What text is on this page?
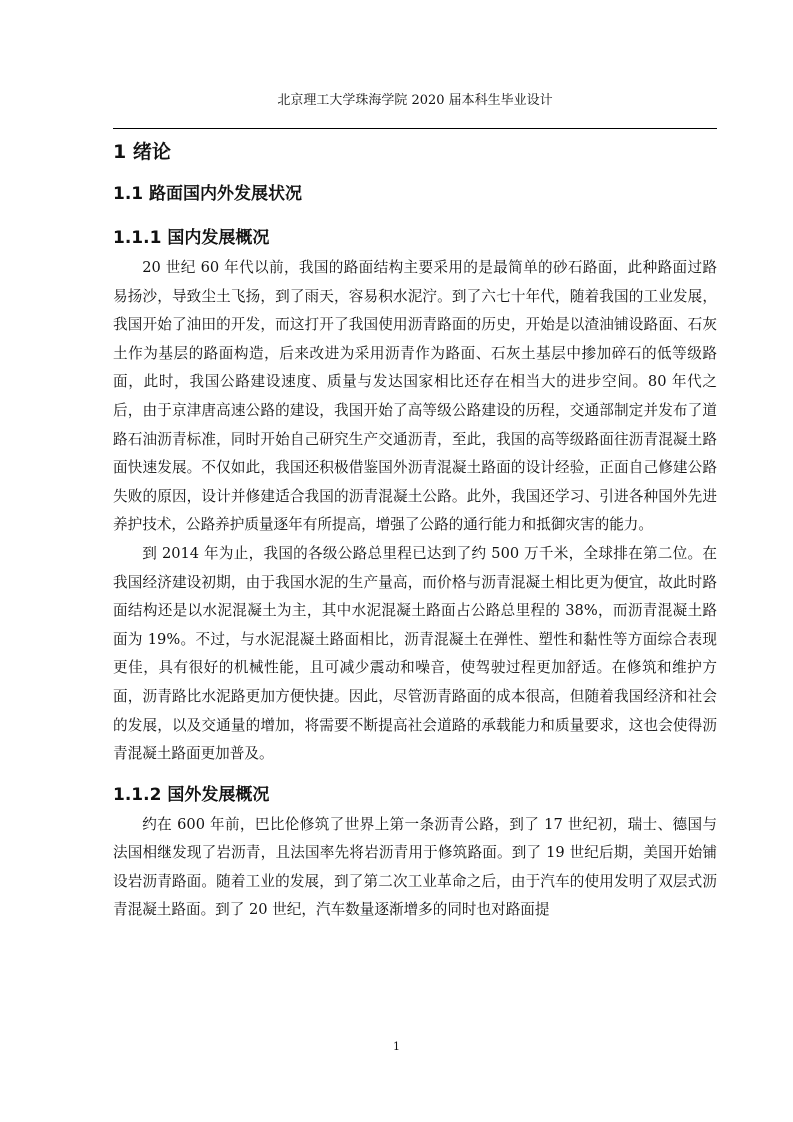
北京理工大学珠海学院 2020 届本科生毕业设计
1 绪论
1.1 路面国内外发展状况
1.1.1 国内发展概况

20 世纪 60 年代以前，我国的路面结构主要采用的是最简单的砂石路面，此种路面过路易扬沙，导致尘土飞扬，到了雨天，容易积水泥泞。到了六七十年代，随着我国的工业发展，我国开始了油田的开发，而这打开了我国使用沥青路面的历史，开始是以渣油铺设路面、石灰土作为基层的路面构造，后来改进为采用沥青作为路面、石灰土基层中掺加碎石的低等级路面，此时，我国公路建设速度、质量与发达国家相比还存在相当大的进步空间。80 年代之后，由于京津唐高速公路的建设，我国开始了高等级公路建设的历程，交通部制定并发布了道路石油沥青标准，同时开始自己研究生产交通沥青，至此，我国的高等级路面往沥青混凝土路面快速发展。不仅如此，我国还积极借鉴国外沥青混凝土路面的设计经验，正面自己修建公路失败的原因，设计并修建适合我国的沥青混凝土公路。此外，我国还学习、引进各种国外先进养护技术，公路养护质量逐年有所提高，增强了公路的通行能力和抵御灾害的能力。

到 2014 年为止，我国的各级公路总里程已达到了约 500 万千米，全球排在第二位。在我国经济建设初期，由于我国水泥的生产量高，而价格与沥青混凝土相比更为便宜，故此时路面结构还是以水泥混凝土为主，其中水泥混凝土路面占公路总里程的 38%，而沥青混凝土路面为 19%。不过，与水泥混凝土路面相比，沥青混凝土在弹性、塑性和黏性等方面综合表现更佳，具有很好的机械性能，且可减少震动和噪音，使驾驶过程更加舒适。在修筑和维护方面，沥青路比水泥路更加方便快捷。因此，尽管沥青路面的成本很高，但随着我国经济和社会的发展，以及交通量的增加，将需要不断提高社会道路的承载能力和质量要求，这也会使得沥青混凝土路面更加普及。

1.1.2 国外发展概况

约在 600 年前，巴比伦修筑了世界上第一条沥青公路，到了 17 世纪初，瑞士、德国与法国相继发现了岩沥青，且法国率先将岩沥青用于修筑路面。到了 19 世纪后期，美国开始铺设岩沥青路面。随着工业的发展，到了第二次工业革命之后，由于汽车的使用发明了双层式沥青混凝土路面。到了 20 世纪，汽车数量逐渐增多的同时也对路面提

1
